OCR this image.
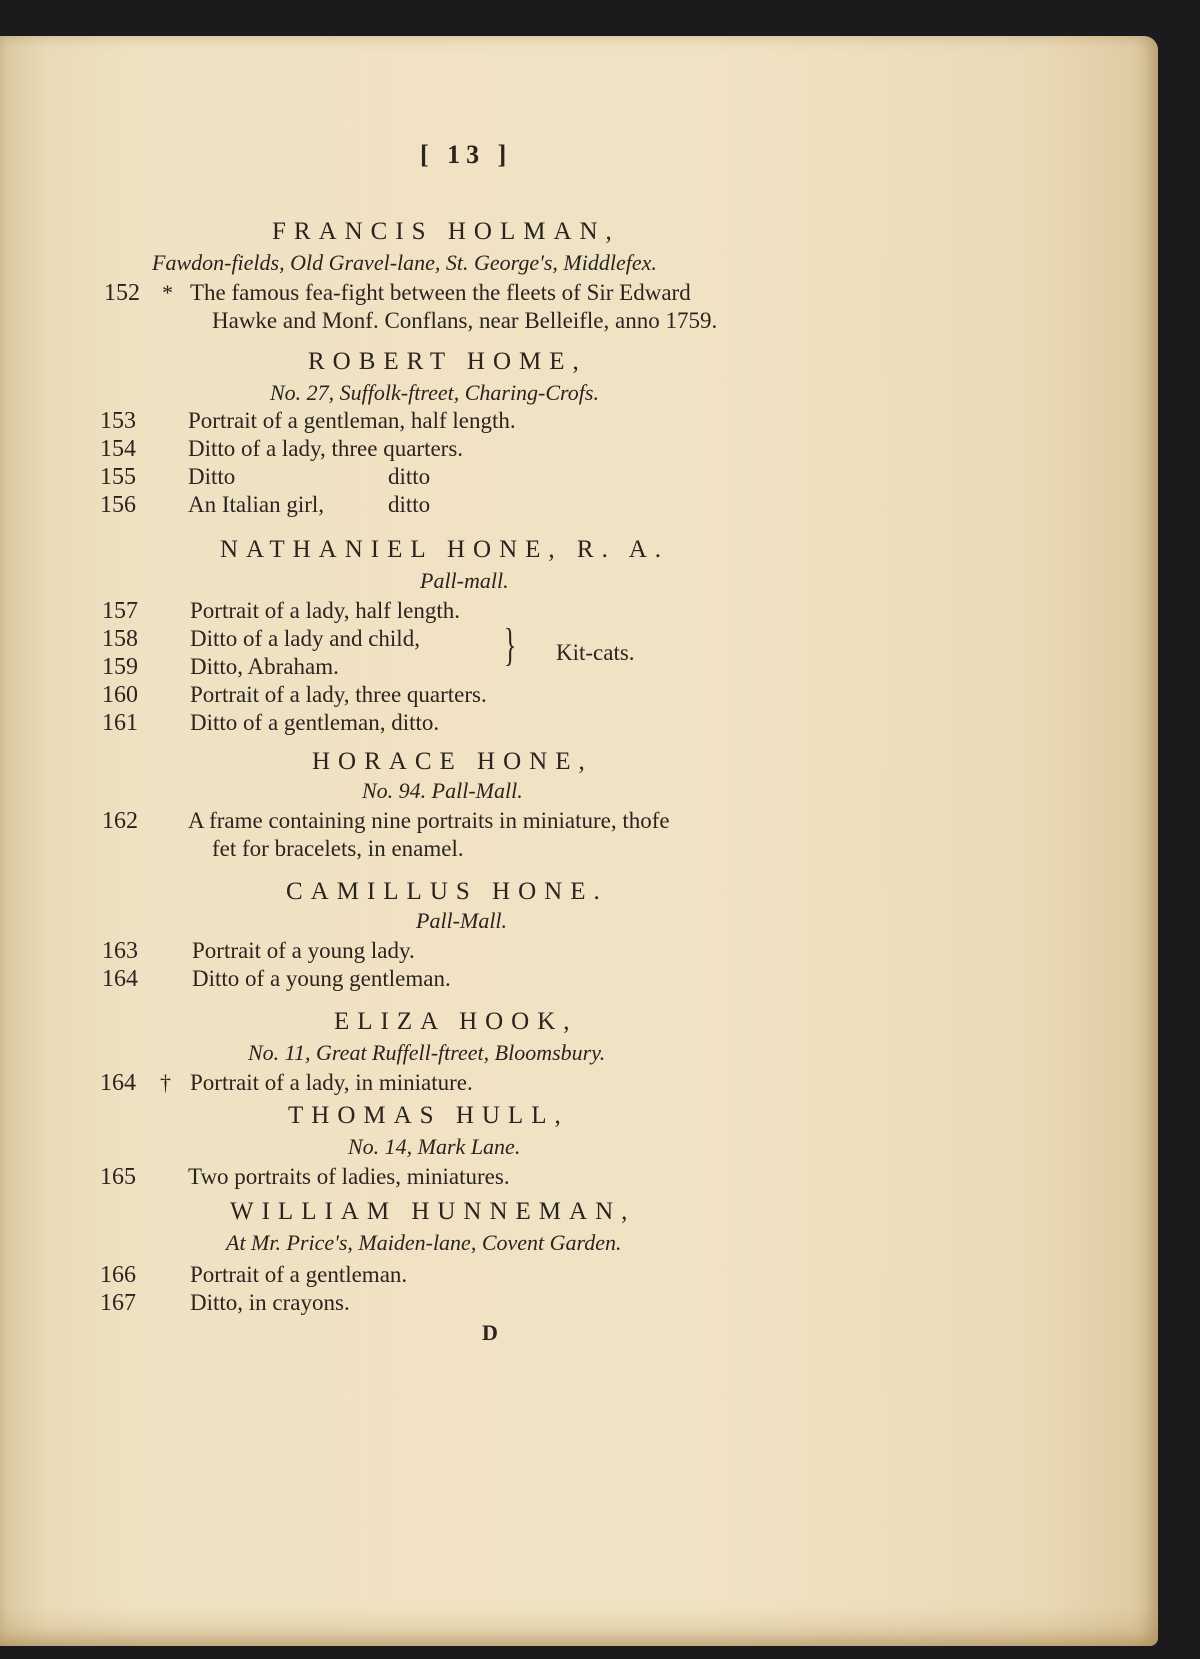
[ 13 ]
FRANCIS HOLMAN,
Fawdon-fields, Old Gravel-lane, St. George's, Middlefex.
152 * The famous fea-fight between the fleets of Sir Edward
Hawke and Monf. Conflans, near Belleifle, anno 1759.
ROBERT HOME,
No. 27, Suffolk-ftreet, Charing-Crofs.
153 Portrait of a gentleman, half length.
154 Ditto of a lady, three quarters.
155 Ditto	ditto
156 An Italian girl,	ditto
NATHANIEL HONE, R. A.
Pall-mall.
157 Portrait of a lady, half length.
158 Ditto of a lady and child,
159 Ditto, Abraham.	} Kit-cats.
160 Portrait of a lady, three quarters.
161 Ditto of a gentleman, ditto.
HORACE HONE,
No. 94. Pall-Mall.
162 A frame containing nine portraits in miniature, thofe
fet for bracelets, in enamel.
CAMILLUS HONE.
Pall-Mall.
163 Portrait of a young lady.
164 Ditto of a young gentleman.
ELIZA HOOK,
No. 11, Great Ruffell-ftreet, Bloomsbury.
164 † Portrait of a lady, in miniature.
THOMAS HULL,
No. 14, Mark Lane.
165 Two portraits of ladies, miniatures.
WILLIAM HUNNEMAN,
At Mr. Price's, Maiden-lane, Covent Garden.
166 Portrait of a gentleman.
167 Ditto, in crayons.
D
